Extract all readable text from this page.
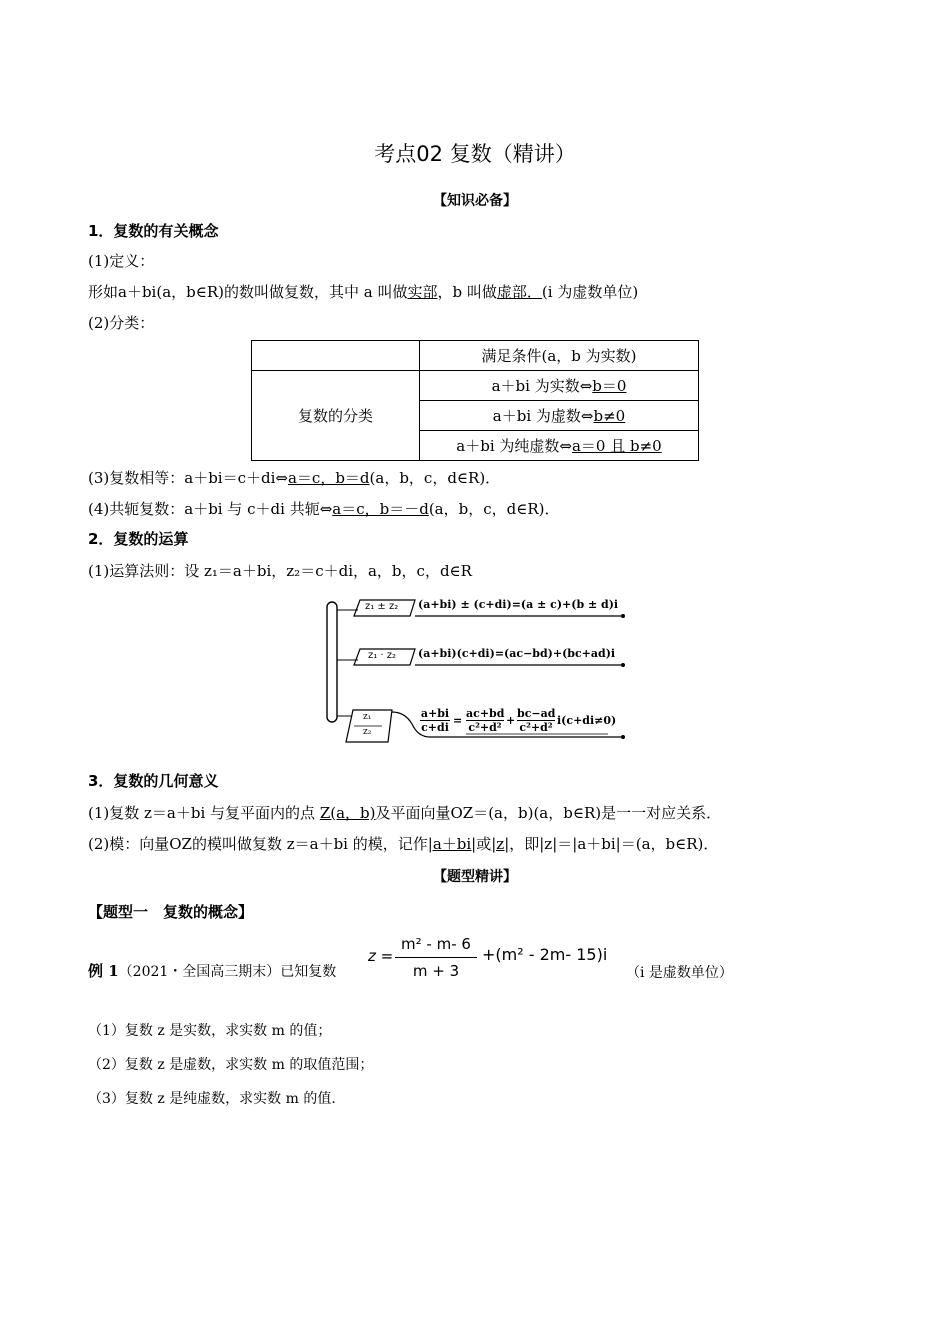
考点02 复数（精讲）
【知识必备】
1．复数的有关概念
(1)定义：
形如a＋bi(a，b∈R)的数叫做复数，其中 a 叫做实部，b 叫做虚部．(i 为虚数单位)
(2)分类：
	满足条件(a，b 为实数)
复数的分类	a＋bi 为实数⇔b＝0
	a＋bi 为虚数⇔b≠0
	a＋bi 为纯虚数⇔a＝0 且 b≠0
(3)复数相等：a＋bi＝c＋di⇔a＝c，b＝d(a，b，c，d∈R)．
(4)共轭复数：a＋bi 与 c＋di 共轭⇔a＝c，b＝－d(a，b，c，d∈R)．
2．复数的运算
(1)运算法则：设 z₁＝a＋bi，z₂＝c＋di，a，b，c，d∈R
z₁ ± z₂ (a+bi) ± (c+di)=(a ± c)+(b ± d)i
z₁ · z₂ (a+bi)(c+di)=(ac−bd)+(bc+ad)i
z₁
z₂
a+bi
c+di
=
ac+bd
c²+d²
+
bc−ad
c²+d²
i(c+di≠0)
3．复数的几何意义
(1)复数 z＝a＋bi 与复平面内的点 Z(a，b)及平面向量OZ＝(a，b)(a，b∈R)是一一对应关系．
(2)模：向量OZ的模叫做复数 z＝a＋bi 的模，记作|a＋bi|或|z|，即|z|＝|a＋bi|＝(a，b∈R)．
【题型精讲】
【题型一　复数的概念】
例 1（2021・全国高三期末）已知复数
z =
m² - m- 6
m + 3
+(m² - 2m- 15)i
（i 是虚数单位）
（1）复数 z 是实数，求实数 m 的值；
（2）复数 z 是虚数，求实数 m 的取值范围；
（3）复数 z 是纯虚数，求实数 m 的值.
